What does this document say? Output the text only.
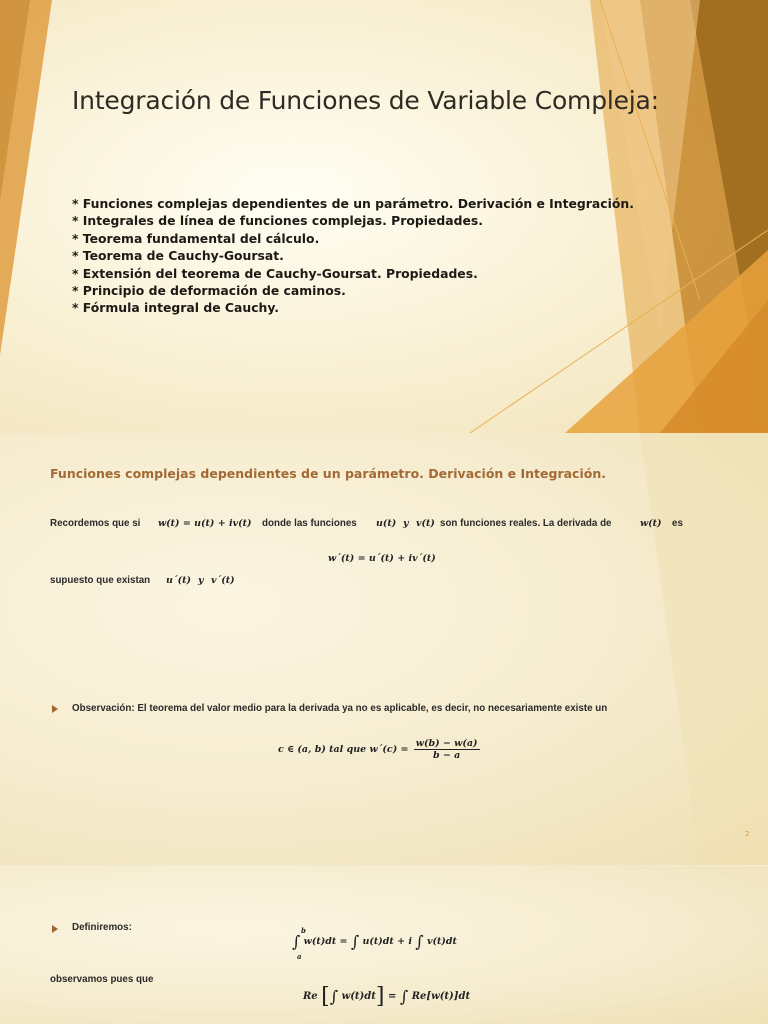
Integración de Funciones de Variable Compleja:
* Funciones complejas dependientes de un parámetro. Derivación e Integración.
* Integrales de línea de funciones complejas. Propiedades.
* Teorema fundamental del cálculo.
* Teorema de Cauchy-Goursat.
* Extensión del teorema de Cauchy-Goursat. Propiedades.
* Principio de deformación de caminos.
* Fórmula integral de Cauchy.
Funciones complejas dependientes de un parámetro. Derivación e Integración.
Recordemos que si w(t) = u(t) + iv(t) donde las funciones u(t) y v(t) son funciones reales. La derivada de	w(t) es
w´(t) = u´(t) + iv´(t)
supuesto que existan u´(t) y v´(t)
Observación: El teorema del valor medio para la derivada ya no es aplicable, es decir, no necesariamente existe un
c ∈ (a, b) tal que w´(c) = $\frac{w(b) - w(a)}{b - a}$
2
Definiremos:
∫
b
a
w(t)dt = ∫ u(t)dt + i ∫ v(t)dt
observamos pues que
Re [∫ w(t)dt] = ∫ Re[w(t)]dt
